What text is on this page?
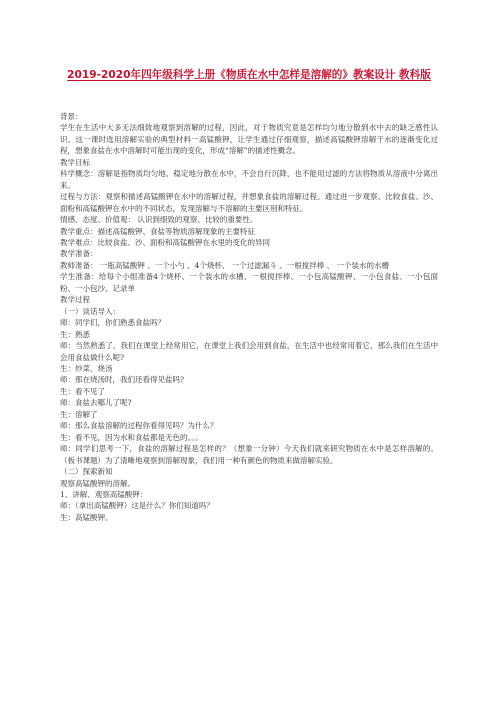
2019-2020年四年级科学上册《物质在水中怎样是溶解的》教案设计 教科版

背景：

学生在生活中大多无法细致地观察到溶解的过程，因此，对于物质究竟是怎样均匀地分散到水中去的缺乏感性认识。这一课时选用溶解实验的典型材料一高锰酸钾，让学生通过仔细观察，描述高锰酸钾溶解于水的逐渐变化过程，想象食盐在水中溶解时可能出现的变化，形成“溶解”的描述性概念。

教学目标

科学概念：溶解是指物质均匀地、稳定地分散在水中，不会自行沉降，也不能用过滤的方法将物质从溶液中分离出来。

过程与方法：观察和描述高锰酸钾在水中的溶解过程，并想象食盐的溶解过程。通过进一步观察、比较食盐、沙、面粉和高锰酸钾在水中的不同状态，发现溶解与不溶解的主要区别和特征。

情感、态度、价值观： 认识到细致的观察、比较的重要性。

教学重点：描述高锰酸钾、食盐等物质溶解现象的主要特征

教学难点：比较食盐、沙、面粉和高锰酸钾在水里的变化的异同

教学准备：

教师准备： 一瓶高锰酸钾 、一个小勺 、4个烧杯、 一个过滤漏斗 、一根搅拌棒 、 一个装水的水槽

学生准备：给每个小组准备4个烧杯、一个装水的水槽、一根搅拌棒、一小包高锰酸钾、一小包食盐、一小包面粉、一小包沙、记录单

教学过程

（一）谈话导入：

师：同学们，你们熟悉食盐吗？

生：熟悉

师：当然熟悉了，我们在课堂上经常用它，在课堂上我们会用到食盐，在生活中也经常用着它，那么我们在生活中会用食盐做什么呢?

生：炒菜、烧汤

师：那在烧汤时，我们还看得见盐吗?

生：看不见了

师：食盐去哪儿了呢?

生：溶解了

师：那么食盐溶解的过程你看得见吗？为什么？

生：看不见，因为水和食盐都是无色的。。。

师：同学们思考一下，食盐的溶解过程是怎样的？（想象一分钟）今天我们就来研究物质在水中是怎样溶解的。（板书课题）为了清晰地观察到溶解现象，我们用一种有颜色的物质来做溶解实验。

（二）探索新知

观察高锰酸钾的溶解。

1、讲解、观察高锰酸钾：

师：（拿出高锰酸钾）这是什么？你们知道吗？

生：高锰酸钾。
